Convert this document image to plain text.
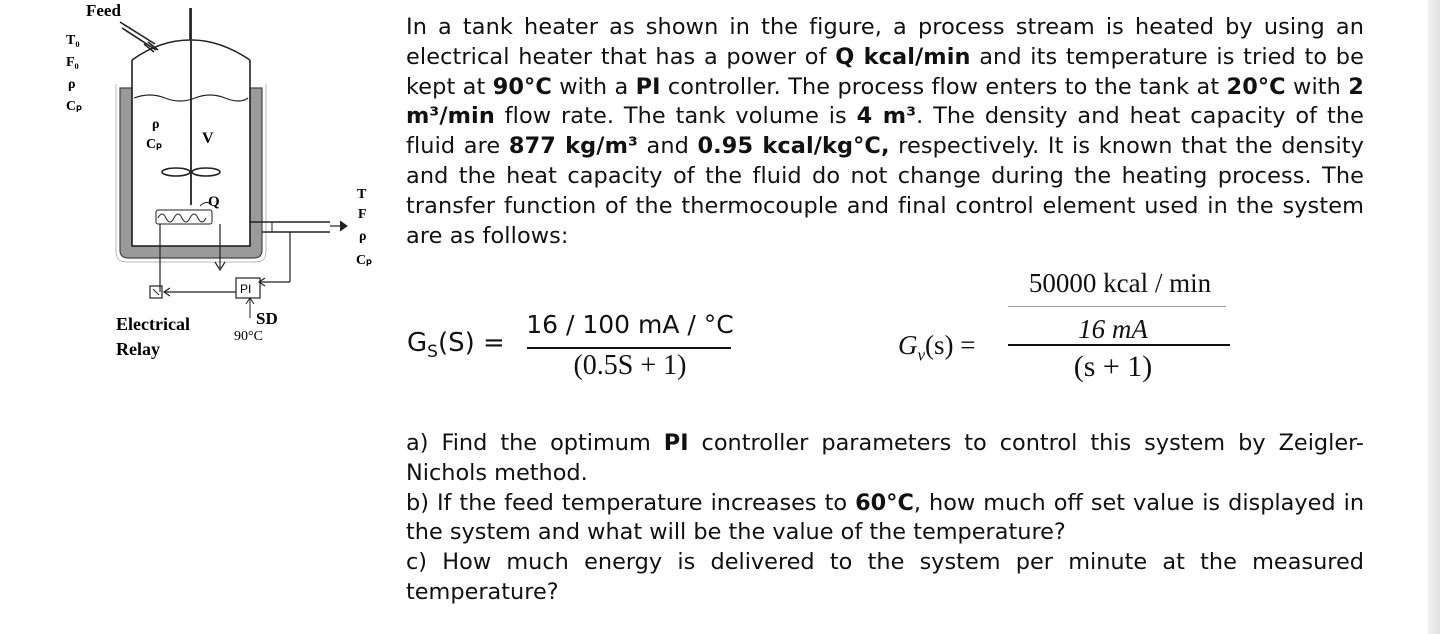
Feed
T₀
F₀
ρ
Cₚ
ρ
Cₚ V
Q	T
F
ρ
Cₚ
PI
SD
90°C
Electrical
Relay
In a tank heater as shown in the figure, a process stream is heated by using an electrical heater that has a power of Q kcal/min and its temperature is tried to be kept at 90°C with a PI controller. The process flow enters to the tank at 20°C with 2 m³/min flow rate. The tank volume is 4 m³. The density and heat capacity of the fluid are 877 kg/m³ and 0.95 kcal/kg°C, respectively. It is known that the density and the heat capacity of the fluid do not change during the heating process. The transfer function of the thermocouple and final control element used in the system are as follows:
$G_S(S)$ =
16 / 100 mA / °C
(0.5S + 1)
50000 kcal / min
$G_v(s)$ =
16 mA
(s + 1)

a) Find the optimum PI controller parameters to control this system by Zeigler-Nichols method.

b) If the feed temperature increases to 60°C, how much off set value is displayed in the system and what will be the value of the temperature?

c) How much energy is delivered to the system per minute at the measured temperature?
